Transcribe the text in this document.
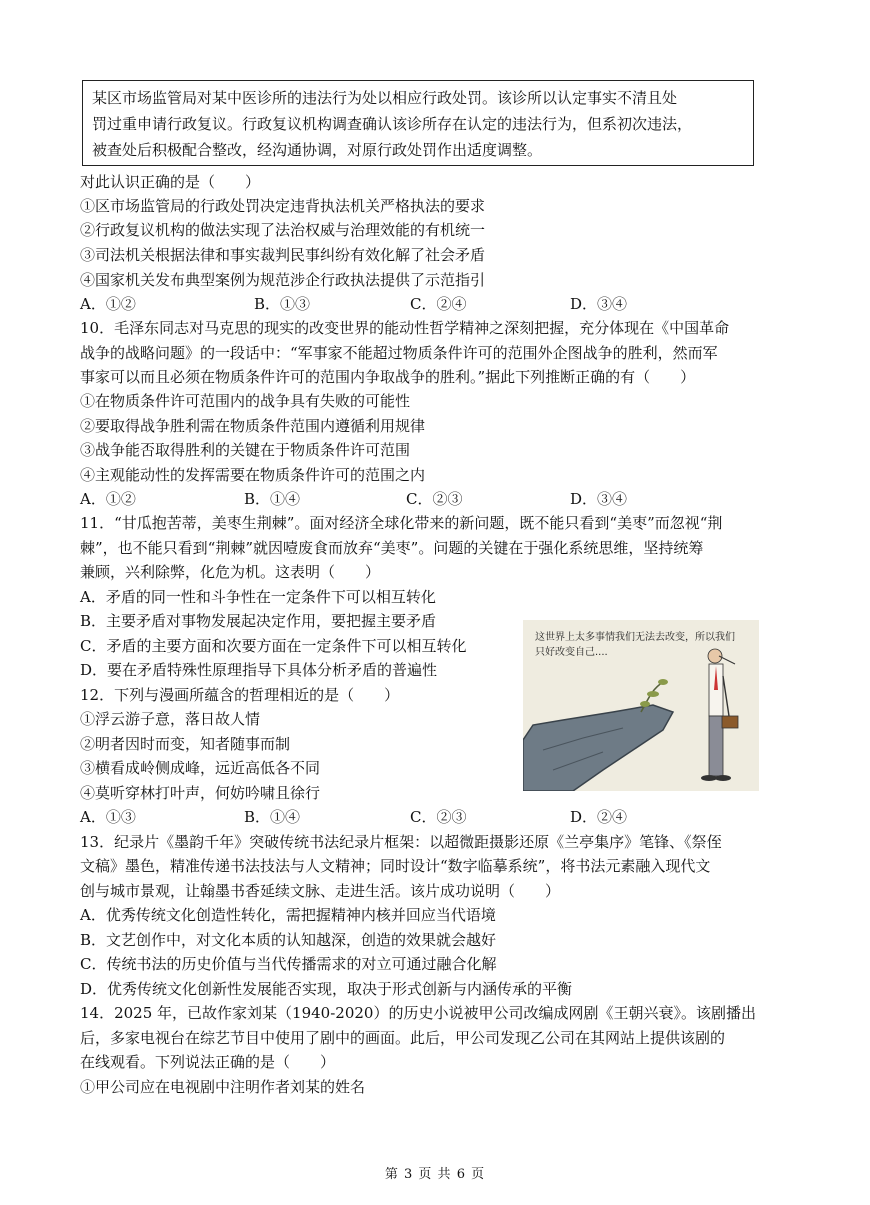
某区市场监管局对某中医诊所的违法行为处以相应行政处罚。该诊所以认定事实不清且处
罚过重申请行政复议。行政复议机构调查确认该诊所存在认定的违法行为，但系初次违法，
被查处后积极配合整改，经沟通协调，对原行政处罚作出适度调整。
对此认识正确的是（　　）
①区市场监管局的行政处罚决定违背执法机关严格执法的要求
②行政复议机构的做法实现了法治权威与治理效能的有机统一
③司法机关根据法律和事实裁判民事纠纷有效化解了社会矛盾
④国家机关发布典型案例为规范涉企行政执法提供了示范指引
A．①②	B．①③	C．②④	D．③④
10．毛泽东同志对马克思的现实的改变世界的能动性哲学精神之深刻把握，充分体现在《中国革命
战争的战略问题》的一段话中：“军事家不能超过物质条件许可的范围外企图战争的胜利，然而军
事家可以而且必须在物质条件许可的范围内争取战争的胜利。”据此下列推断正确的有（　　）
①在物质条件许可范围内的战争具有失败的可能性
②要取得战争胜利需在物质条件范围内遵循利用规律
③战争能否取得胜利的关键在于物质条件许可范围
④主观能动性的发挥需要在物质条件许可的范围之内
A．①②	B．①④	C．②③	D．③④
11．“甘瓜抱苦蒂，美枣生荆棘”。面对经济全球化带来的新问题，既不能只看到“美枣”而忽视“荆
棘”，也不能只看到“荆棘”就因噎废食而放弃“美枣”。问题的关键在于强化系统思维，坚持统筹
兼顾，兴利除弊，化危为机。这表明（　　）
A．矛盾的同一性和斗争性在一定条件下可以相互转化
B．主要矛盾对事物发展起决定作用，要把握主要矛盾
C．矛盾的主要方面和次要方面在一定条件下可以相互转化
D．要在矛盾特殊性原理指导下具体分析矛盾的普遍性
这世界上太多事情我们无法去改变，所以我们只好改变自己....
12．下列与漫画所蕴含的哲理相近的是（　　）
①浮云游子意，落日故人情
②明者因时而变，知者随事而制
③横看成岭侧成峰，远近高低各不同
④莫听穿林打叶声，何妨吟啸且徐行
A．①③	B．①④	C．②③	D．②④
13．纪录片《墨韵千年》突破传统书法纪录片框架：以超微距摄影还原《兰亭集序》笔锋、《祭侄
文稿》墨色，精准传递书法技法与人文精神；同时设计“数字临摹系统”，将书法元素融入现代文
创与城市景观，让翰墨书香延续文脉、走进生活。该片成功说明（　　）
A．优秀传统文化创造性转化，需把握精神内核并回应当代语境
B．文艺创作中，对文化本质的认知越深，创造的效果就会越好
C．传统书法的历史价值与当代传播需求的对立可通过融合化解
D．优秀传统文化创新性发展能否实现，取决于形式创新与内涵传承的平衡
14．2025 年，已故作家刘某（1940-2020）的历史小说被甲公司改编成网剧《王朝兴衰》。该剧播出
后，多家电视台在综艺节目中使用了剧中的画面。此后，甲公司发现乙公司在其网站上提供该剧的
在线观看。下列说法正确的是（　　）
①甲公司应在电视剧中注明作者刘某的姓名
第 3 页 共 6 页
